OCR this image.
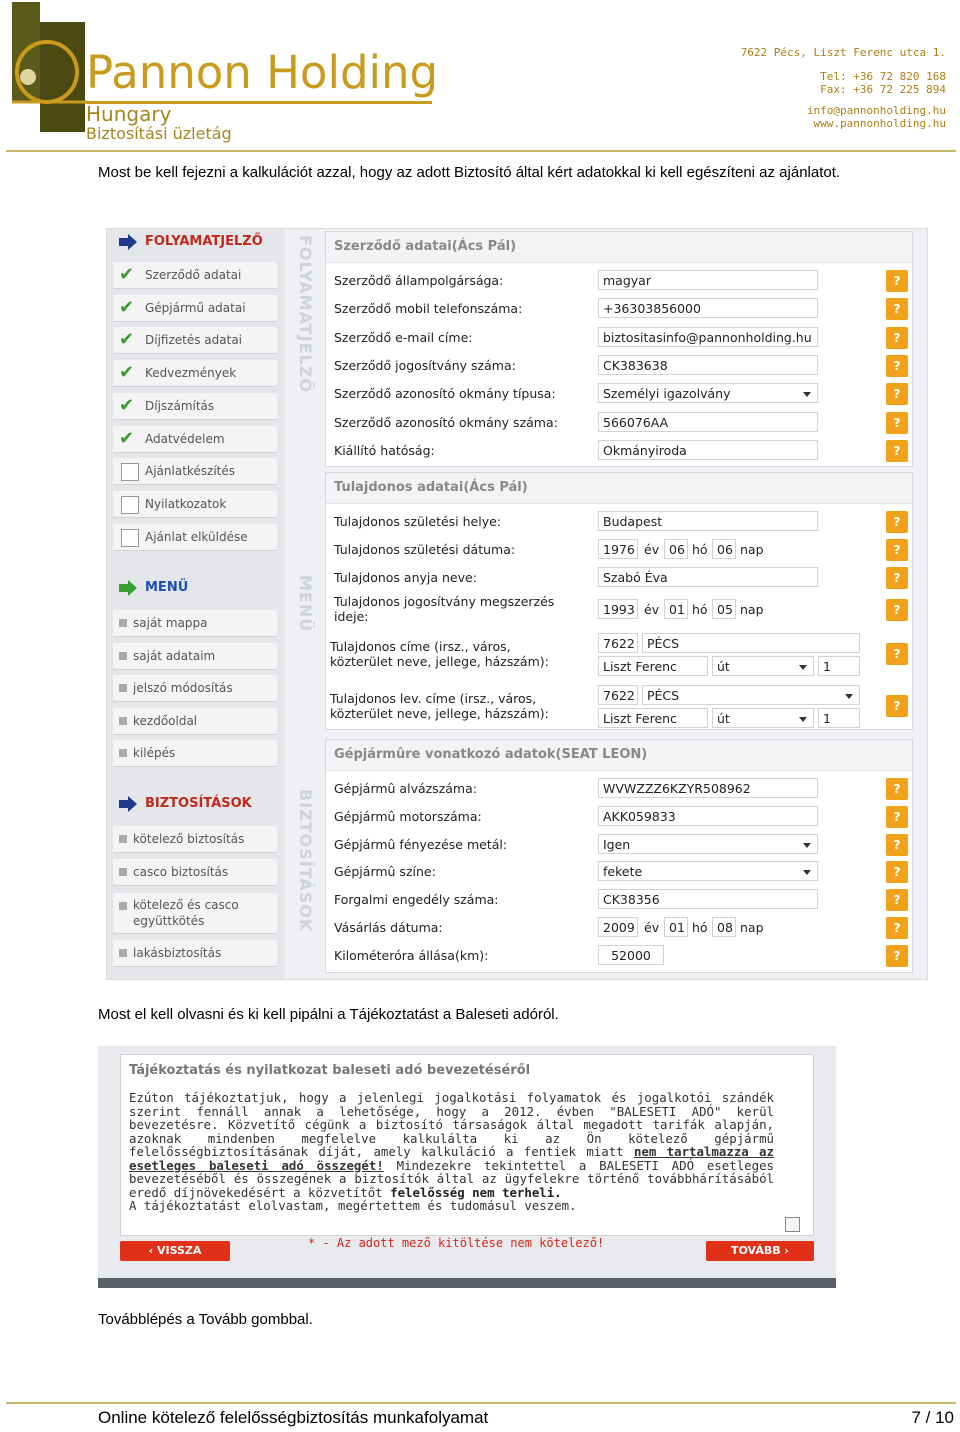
Pannon Holding
Hungary
Biztosítási üzletág
7622 Pécs, Liszt Ferenc utca 1.
Tel: +36 72 820 168
Fax: +36 72 225 894
info@pannonholding.hu
www.pannonholding.hu
Most be kell fejezni a kalkulációt azzal, hogy az adott Biztosító által kért adatokkal ki kell egészíteni az ajánlatot.
FOLYAMATJELZŐ
MENÜ
BIZTOSÍTÁSOK
FOLYAMATJELZŐ
✔ Szerződő adatai
✔ Gépjármű adatai
✔ Díjfizetés adatai
✔ Kedvezmények
✔ Díjszámítás
✔ Adatvédelem
Ajánlatkészítés
Nyilatkozatok
Ajánlat elküldése
MENÜ
saját mappa
saját adataim
jelszó módosítás
kezdőoldal
kilépés
BIZTOSÍTÁSOK
kötelező biztosítás
casco biztosítás
kötelező és casco együttkötés
lakásbiztosítás
Szerződő adatai(Ács Pál)
Szerződő állampolgársága:	magyar	?
Szerződő mobil telefonszáma:	+36303856000	?
Szerződő e-mail címe:	biztositasinfo@pannonholding.hu	?
Szerződő jogosítvány száma:	CK383638	?
Szerződő azonosító okmány típusa:	Személyi igazolvány	?
Szerződő azonosító okmány száma:	566076AA	?
Kiállító hatóság:	Okmányiroda	?
Tulajdonos adatai(Ács Pál)
Tulajdonos születési helye:	Budapest	?
Tulajdonos születési dátuma:	1976 év 06 hó 06 nap	?
Tulajdonos anyja neve:	Szabó Éva	?
Tulajdonos jogosítvány megszerzés ideje:	1993 év 01 hó 05 nap	?
Tulajdonos címe (irsz., város, közterület neve, jellege, házszám):
7622 PÉCS
Liszt Ferenc	út	1
?
Tulajdonos lev. címe (irsz., város, közterület neve, jellege, házszám):
7622 PÉCS
Liszt Ferenc	út	1
?
Gépjármûre vonatkozó adatok(SEAT LEON)
Gépjármû alvázszáma:	WVWZZZ6KZYR508962	?
Gépjármû motorszáma:	AKK059833	?
Gépjármû fényezése metál:	Igen	?
Gépjármû színe:	fekete	?
Forgalmi engedély száma:	CK38356	?
Vásárlás dátuma:	2009 év 01 hó 08 nap	?
Kilométeróra állása(km):	52000	?
Most el kell olvasni és ki kell pipálni a Tájékoztatást a Baleseti adóról.
Tájékoztatás és nyilatkozat baleseti adó bevezetéséről
Ezúton tájékoztatjuk, hogy a jelenlegi jogalkotási folyamatok és jogalkotói szándék szerint fennáll annak a lehetősége, hogy a 2012. évben "BALESETI ADÓ" kerül bevezetésre. Közvetítő cégünk a biztosító társaságok által megadott tarifák alapján, azoknak mindenben megfelelve kalkulálta ki az Ön kötelező gépjármű felelősségbiztosításának díját, amely kalkuláció a fentiek miatt nem tartalmazza az esetleges baleseti adó összegét! Mindezekre tekintettel a BALESETI ADÓ esetleges bevezetéséből és összegének a biztosítók által az ügyfelekre történő továbbhárításából eredő díjnövekedésért a közvetítőt felelősség nem terheli.
A tájékoztatást elolvastam, megértettem és tudomásul veszem.
‹ VISSZA
* - Az adott mező kitöltése nem kötelező!
TOVÁBB ›
Továbblépés a Tovább gombbal.
Online kötelező felelősségbiztosítás munkafolyamat	7 / 10
